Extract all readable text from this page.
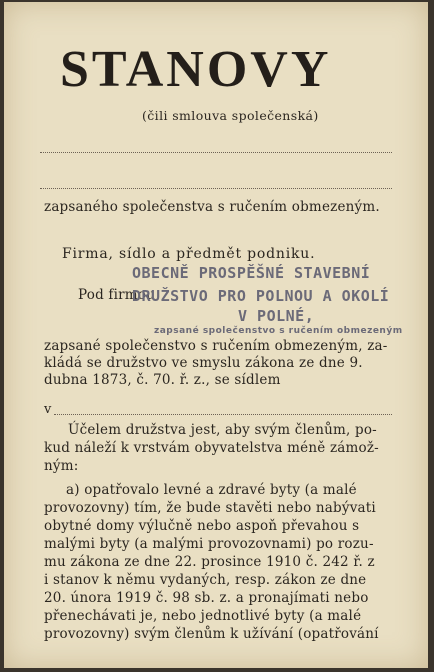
STANOVY
(čili smlouva společenská)
zapsaného společenstva s ručením obmezeným.
Firma, sídlo a předmět podniku.
Pod firmou
OBECNĚ PROSPĚŠNÉ STAVEBNÍ
DRUŽSTVO PRO POLNOU A OKOLÍ
V POLNÉ,
zapsané společenstvo s ručením obmezeným
zapsané společenstvo s ručením obmezeným, za-
kládá se družstvo ve smyslu zákona ze dne 9.
dubna 1873, č. 70. ř. z., se sídlem
v
Účelem družstva jest, aby svým členům, po-
kud náleží k vrstvám obyvatelstva méně zámož-
ným:
a) opatřovalo levné a zdravé byty (a malé
provozovny) tím, že bude stavěti nebo nabývati
obytné domy výlučně nebo aspoň převahou s
malými byty (a malými provozovnami) po rozu-
mu zákona ze dne 22. prosince 1910 č. 242 ř. z
i stanov k němu vydaných, resp. zákon ze dne
20. února 1919 č. 98 sb. z. a pronajímati nebo
přenechávati je, nebo jednotlivé byty (a malé
provozovny) svým členům k užívání (opatřování
